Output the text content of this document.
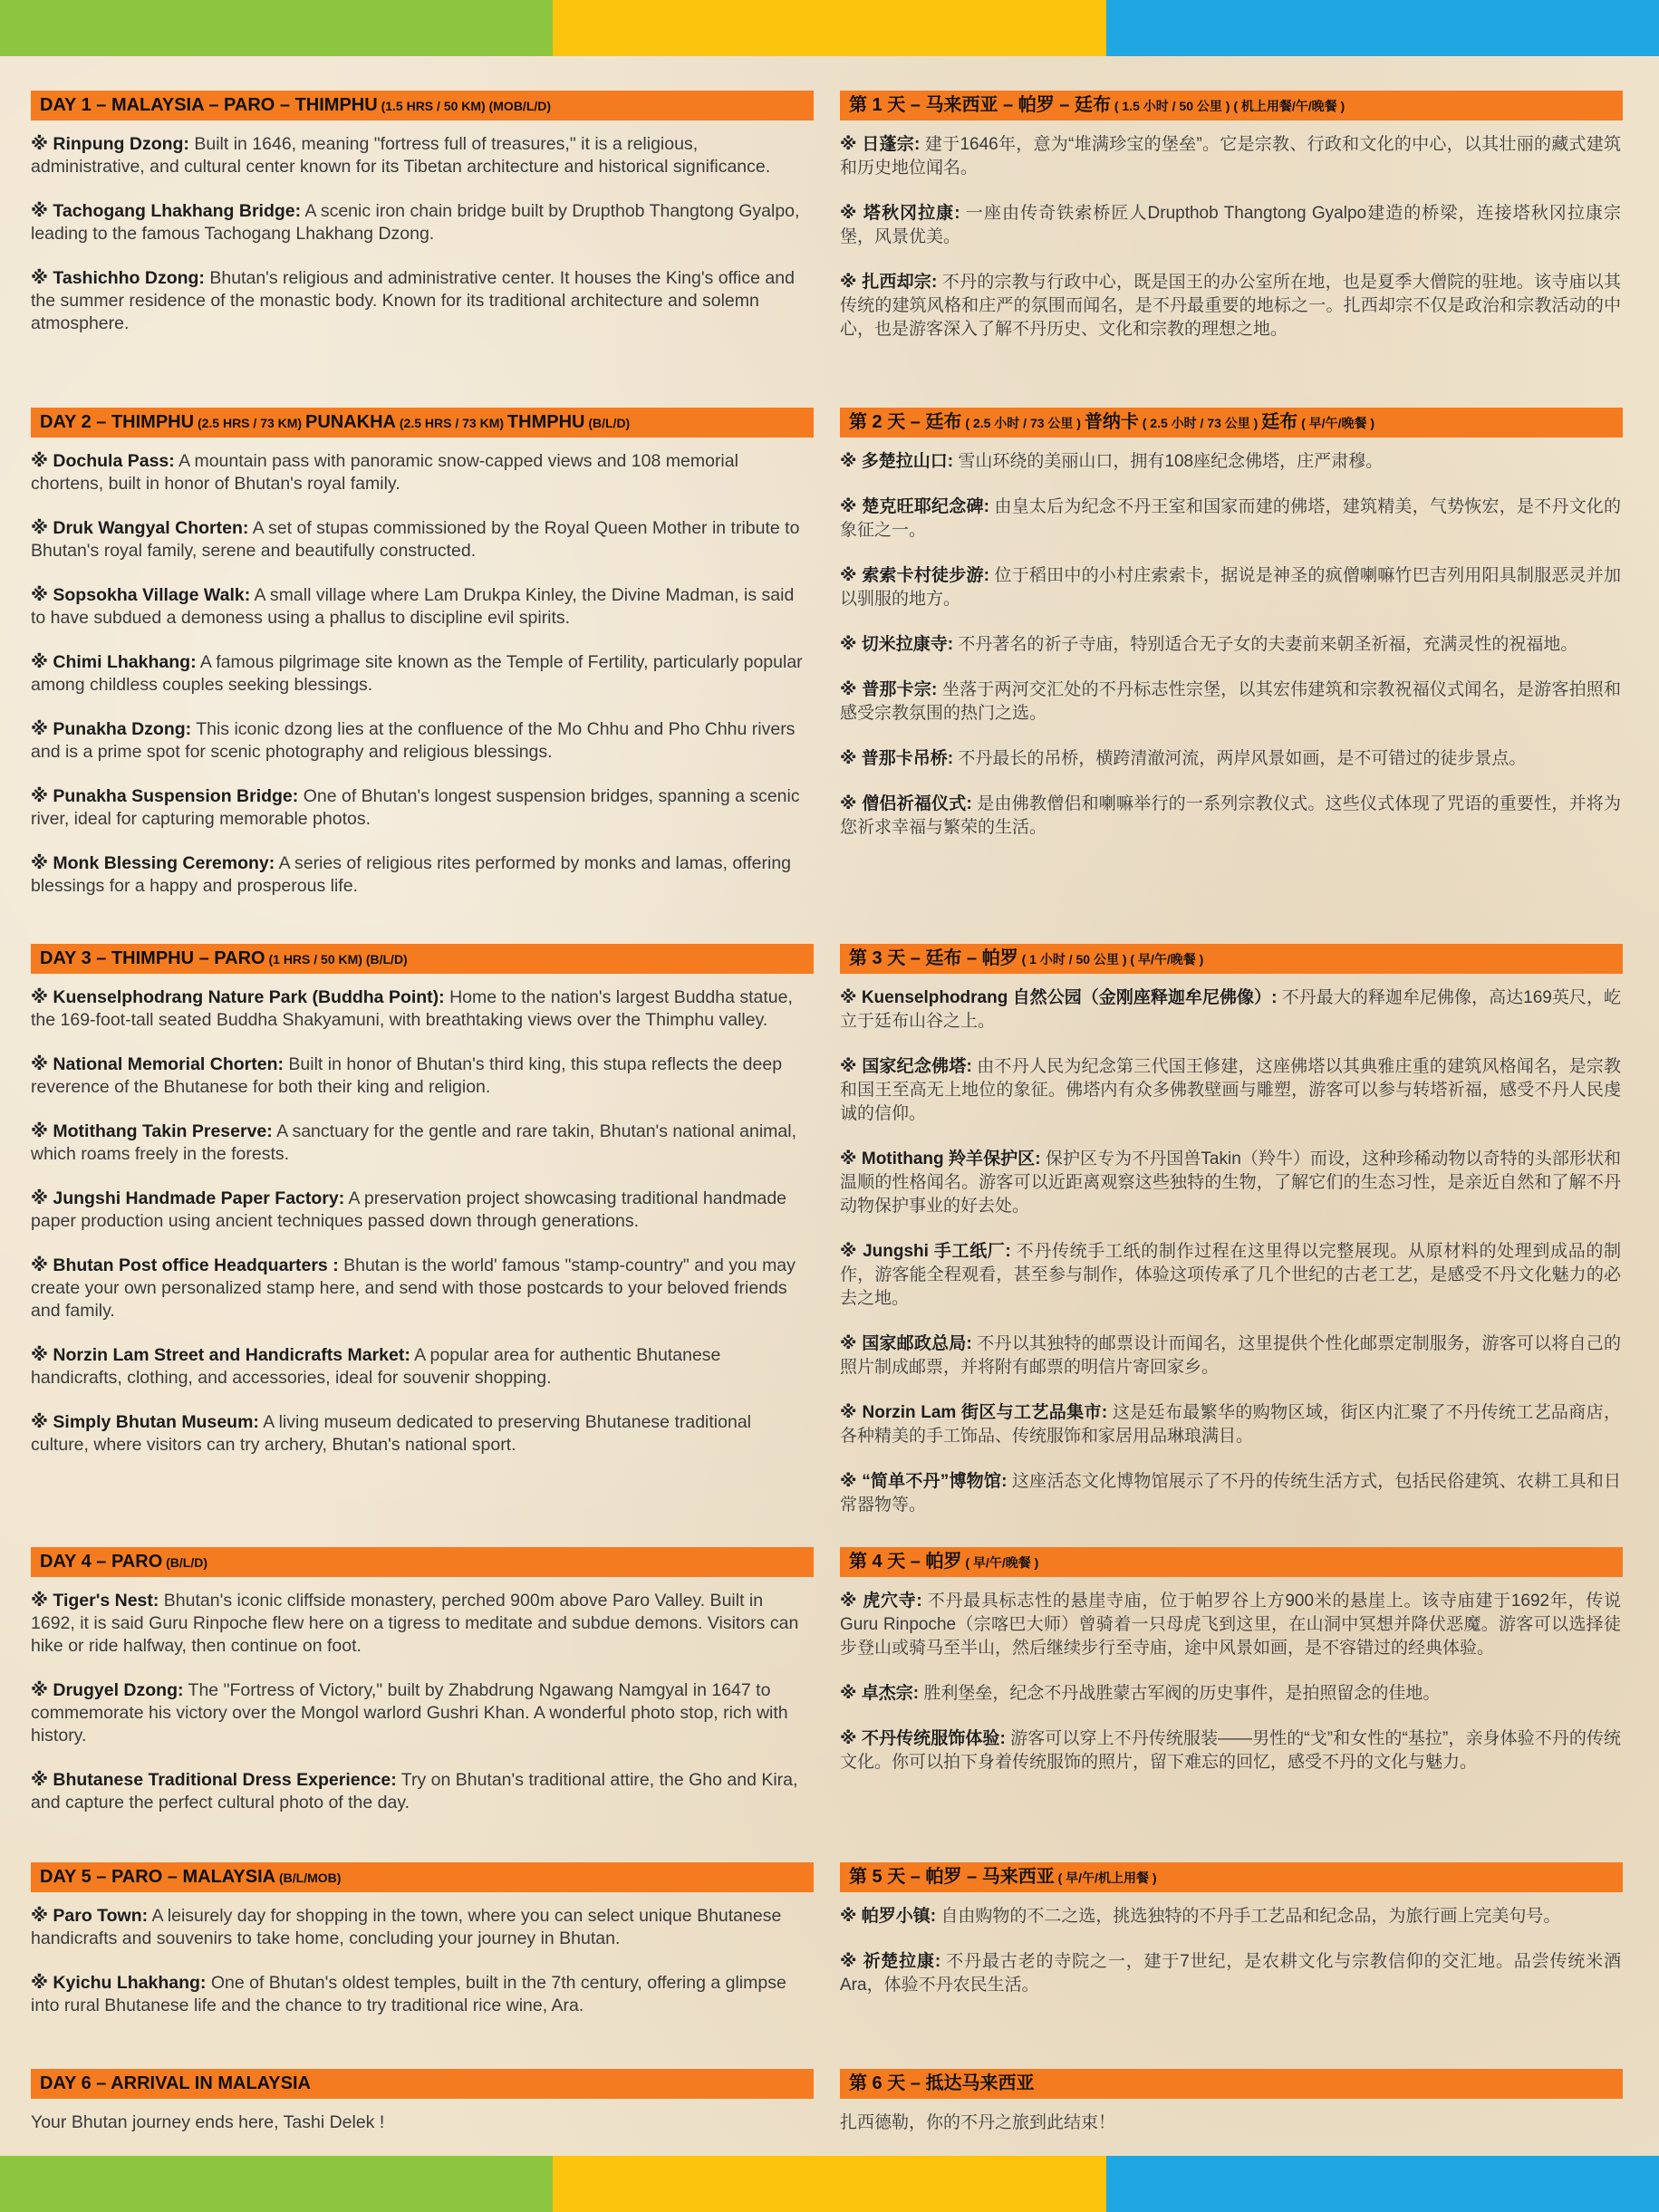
DAY 1 – MALAYSIA – PARO – THIMPHU (1.5 HRS / 50 KM) (MOB/L/D)

※ Rinpung Dzong: Built in 1646, meaning "fortress full of treasures," it is a religious, administrative, and cultural center known for its Tibetan architecture and historical significance.

※ Tachogang Lhakhang Bridge: A scenic iron chain bridge built by Drupthob Thangtong Gyalpo, leading to the famous Tachogang Lhakhang Dzong.

※ Tashichho Dzong: Bhutan's religious and administrative center. It houses the King's office and the summer residence of the monastic body. Known for its traditional architecture and solemn atmosphere.

DAY 2 – THIMPHU (2.5 HRS / 73 KM) PUNAKHA (2.5 HRS / 73 KM) THMPHU (B/L/D)

※ Dochula Pass: A mountain pass with panoramic snow-capped views and 108 memorial chortens, built in honor of Bhutan's royal family.

※ Druk Wangyal Chorten: A set of stupas commissioned by the Royal Queen Mother in tribute to Bhutan's royal family, serene and beautifully constructed.

※ Sopsokha Village Walk: A small village where Lam Drukpa Kinley, the Divine Madman, is said to have subdued a demoness using a phallus to discipline evil spirits.

※ Chimi Lhakhang: A famous pilgrimage site known as the Temple of Fertility, particularly popular among childless couples seeking blessings.

※ Punakha Dzong: This iconic dzong lies at the confluence of the Mo Chhu and Pho Chhu rivers and is a prime spot for scenic photography and religious blessings.

※ Punakha Suspension Bridge: One of Bhutan's longest suspension bridges, spanning a scenic river, ideal for capturing memorable photos.

※ Monk Blessing Ceremony: A series of religious rites performed by monks and lamas, offering blessings for a happy and prosperous life.

DAY 3 – THIMPHU – PARO (1 HRS / 50 KM) (B/L/D)

※ Kuenselphodrang Nature Park (Buddha Point): Home to the nation's largest Buddha statue, the 169-foot-tall seated Buddha Shakyamuni, with breathtaking views over the Thimphu valley.

※ National Memorial Chorten: Built in honor of Bhutan's third king, this stupa reflects the deep reverence of the Bhutanese for both their king and religion.

※ Motithang Takin Preserve: A sanctuary for the gentle and rare takin, Bhutan's national animal, which roams freely in the forests.

※ Jungshi Handmade Paper Factory: A preservation project showcasing traditional handmade paper production using ancient techniques passed down through generations.

※ Bhutan Post office Headquarters : Bhutan is the world' famous "stamp-country" and you may create your own personalized stamp here, and send with those postcards to your beloved friends and family.

※ Norzin Lam Street and Handicrafts Market: A popular area for authentic Bhutanese handicrafts, clothing, and accessories, ideal for souvenir shopping.

※ Simply Bhutan Museum: A living museum dedicated to preserving Bhutanese traditional culture, where visitors can try archery, Bhutan's national sport.

DAY 4 – PARO (B/L/D)

※ Tiger's Nest: Bhutan's iconic cliffside monastery, perched 900m above Paro Valley. Built in 1692, it is said Guru Rinpoche flew here on a tigress to meditate and subdue demons. Visitors can hike or ride halfway, then continue on foot.

※ Drugyel Dzong: The "Fortress of Victory," built by Zhabdrung Ngawang Namgyal in 1647 to commemorate his victory over the Mongol warlord Gushri Khan. A wonderful photo stop, rich with history.

※ Bhutanese Traditional Dress Experience: Try on Bhutan's traditional attire, the Gho and Kira, and capture the perfect cultural photo of the day.

DAY 5 – PARO – MALAYSIA (B/L/MOB)

※ Paro Town: A leisurely day for shopping in the town, where you can select unique Bhutanese handicrafts and souvenirs to take home, concluding your journey in Bhutan.

※ Kyichu Lhakhang: One of Bhutan's oldest temples, built in the 7th century, offering a glimpse into rural Bhutanese life and the chance to try traditional rice wine, Ara.

DAY 6 – ARRIVAL IN MALAYSIA

Your Bhutan journey ends here, Tashi Delek !

第 1 天 – 马来西亚 – 帕罗 – 廷布 ( 1.5 小时 / 50 公里 ) ( 机上用餐/午/晚餐 )

※ 日蓬宗: 建于1646年，意为“堆满珍宝的堡垒”。它是宗教、行政和文化的中心，以其壮丽的藏式建筑和历史地位闻名。

※ 塔秋冈拉康: 一座由传奇铁索桥匠人Drupthob Thangtong Gyalpo建造的桥梁，连接塔秋冈拉康宗堡，风景优美。

※ 扎西却宗: 不丹的宗教与行政中心，既是国王的办公室所在地，也是夏季大僧院的驻地。该寺庙以其传统的建筑风格和庄严的氛围而闻名，是不丹最重要的地标之一。扎西却宗不仅是政治和宗教活动的中心，也是游客深入了解不丹历史、文化和宗教的理想之地。

第 2 天 – 廷布 ( 2.5 小时 / 73 公里 ) 普纳卡 ( 2.5 小时 / 73 公里 ) 廷布 ( 早/午/晚餐 )

※ 多楚拉山口: 雪山环绕的美丽山口，拥有108座纪念佛塔，庄严肃穆。

※ 楚克旺耶纪念碑: 由皇太后为纪念不丹王室和国家而建的佛塔，建筑精美，气势恢宏，是不丹文化的象征之一。

※ 索索卡村徒步游: 位于稻田中的小村庄索索卡，据说是神圣的疯僧喇嘛竹巴吉列用阳具制服恶灵并加以驯服的地方。

※ 切米拉康寺: 不丹著名的祈子寺庙，特别适合无子女的夫妻前来朝圣祈福，充满灵性的祝福地。

※ 普那卡宗: 坐落于两河交汇处的不丹标志性宗堡，以其宏伟建筑和宗教祝福仪式闻名，是游客拍照和感受宗教氛围的热门之选。

※ 普那卡吊桥: 不丹最长的吊桥，横跨清澈河流，两岸风景如画，是不可错过的徒步景点。

※ 僧侣祈福仪式: 是由佛教僧侣和喇嘛举行的一系列宗教仪式。这些仪式体现了咒语的重要性，并将为您祈求幸福与繁荣的生活。

第 3 天 – 廷布 – 帕罗 ( 1 小时 / 50 公里 ) ( 早/午/晚餐 )

※ Kuenselphodrang 自然公园（金刚座释迦牟尼佛像）: 不丹最大的释迦牟尼佛像，高达169英尺，屹立于廷布山谷之上。

※ 国家纪念佛塔: 由不丹人民为纪念第三代国王修建，这座佛塔以其典雅庄重的建筑风格闻名，是宗教和国王至高无上地位的象征。佛塔内有众多佛教壁画与雕塑，游客可以参与转塔祈福，感受不丹人民虔诚的信仰。

※ Motithang 羚羊保护区: 保护区专为不丹国兽Takin（羚牛）而设，这种珍稀动物以奇特的头部形状和温顺的性格闻名。游客可以近距离观察这些独特的生物，了解它们的生态习性，是亲近自然和了解不丹动物保护事业的好去处。

※ Jungshi 手工纸厂: 不丹传统手工纸的制作过程在这里得以完整展现。从原材料的处理到成品的制作，游客能全程观看，甚至参与制作，体验这项传承了几个世纪的古老工艺，是感受不丹文化魅力的必去之地。

※ 国家邮政总局: 不丹以其独特的邮票设计而闻名，这里提供个性化邮票定制服务，游客可以将自己的照片制成邮票，并将附有邮票的明信片寄回家乡。

※ Norzin Lam 街区与工艺品集市: 这是廷布最繁华的购物区域，街区内汇聚了不丹传统工艺品商店，各种精美的手工饰品、传统服饰和家居用品琳琅满目。

※ “简单不丹”博物馆: 这座活态文化博物馆展示了不丹的传统生活方式，包括民俗建筑、农耕工具和日常器物等。

第 4 天 – 帕罗 ( 早/午/晚餐 )

※ 虎穴寺: 不丹最具标志性的悬崖寺庙，位于帕罗谷上方900米的悬崖上。该寺庙建于1692年，传说 Guru Rinpoche（宗喀巴大师）曾骑着一只母虎飞到这里，在山洞中冥想并降伏恶魔。游客可以选择徒步登山或骑马至半山，然后继续步行至寺庙，途中风景如画，是不容错过的经典体验。

※ 卓杰宗: 胜利堡垒，纪念不丹战胜蒙古军阀的历史事件，是拍照留念的佳地。

※ 不丹传统服饰体验: 游客可以穿上不丹传统服装——男性的“戈”和女性的“基拉”，亲身体验不丹的传统文化。你可以拍下身着传统服饰的照片，留下难忘的回忆，感受不丹的文化与魅力。

第 5 天 – 帕罗 – 马来西亚 ( 早/午/机上用餐 )

※ 帕罗小镇: 自由购物的不二之选，挑选独特的不丹手工艺品和纪念品，为旅行画上完美句号。

※ 祈楚拉康: 不丹最古老的寺院之一，建于7世纪，是农耕文化与宗教信仰的交汇地。品尝传统米酒Ara，体验不丹农民生活。

第 6 天 – 抵达马来西亚

扎西德勒，你的不丹之旅到此结束！
